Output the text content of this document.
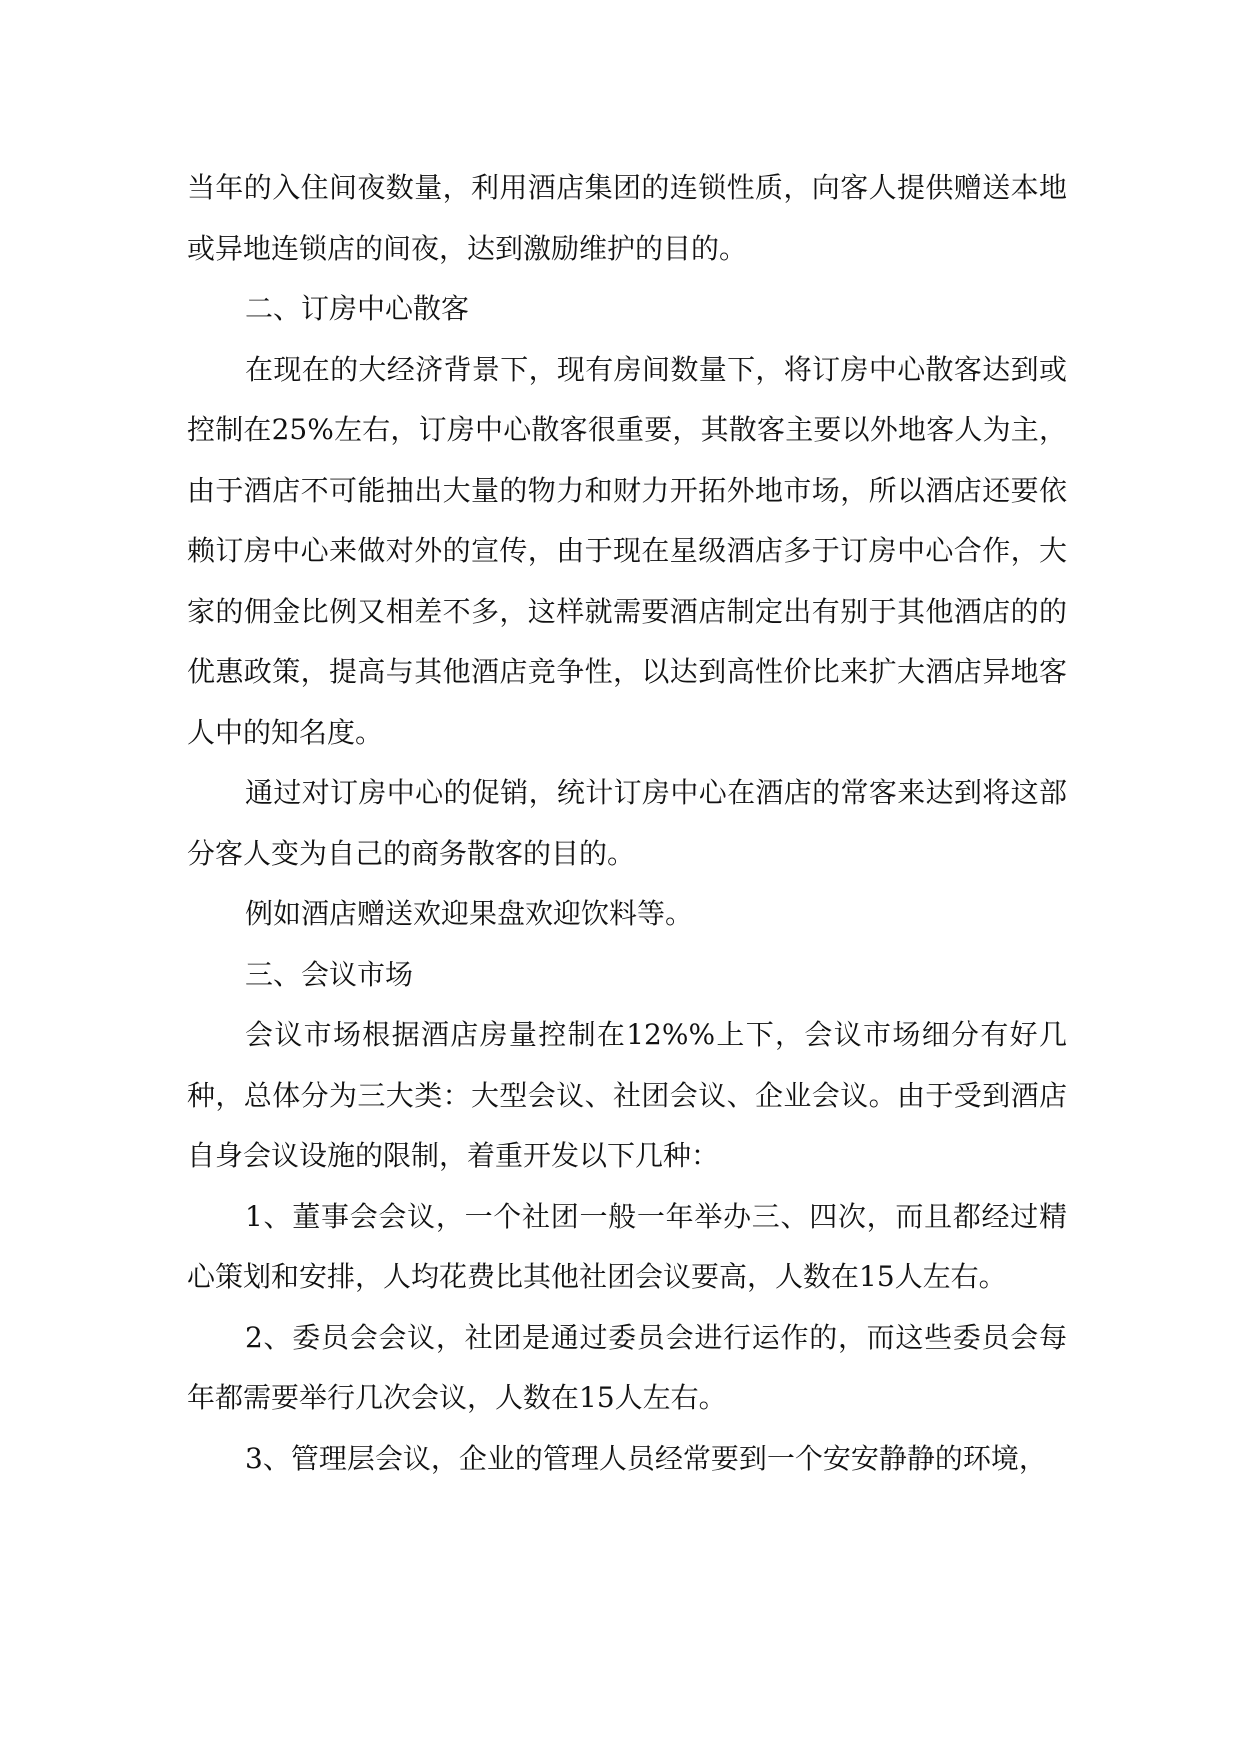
当年的入住间夜数量，利用酒店集团的连锁性质，向客人提供赠送本地或异地连锁店的间夜，达到激励维护的目的。

二、订房中心散客

在现在的大经济背景下，现有房间数量下，将订房中心散客达到或控制在25%左右，订房中心散客很重要，其散客主要以外地客人为主，由于酒店不可能抽出大量的物力和财力开拓外地市场，所以酒店还要依赖订房中心来做对外的宣传，由于现在星级酒店多于订房中心合作，大家的佣金比例又相差不多，这样就需要酒店制定出有别于其他酒店的的优惠政策，提高与其他酒店竞争性，以达到高性价比来扩大酒店异地客人中的知名度。

通过对订房中心的促销，统计订房中心在酒店的常客来达到将这部分客人变为自己的商务散客的目的。

例如酒店赠送欢迎果盘欢迎饮料等。

三、会议市场

会议市场根据酒店房量控制在12%%上下，会议市场细分有好几种，总体分为三大类：大型会议、社团会议、企业会议。由于受到酒店自身会议设施的限制，着重开发以下几种：

1、董事会会议，一个社团一般一年举办三、四次，而且都经过精心策划和安排，人均花费比其他社团会议要高，人数在15人左右。

2、委员会会议，社团是通过委员会进行运作的，而这些委员会每年都需要举行几次会议，人数在15人左右。

3、管理层会议，企业的管理人员经常要到一个安安静静的环境，
